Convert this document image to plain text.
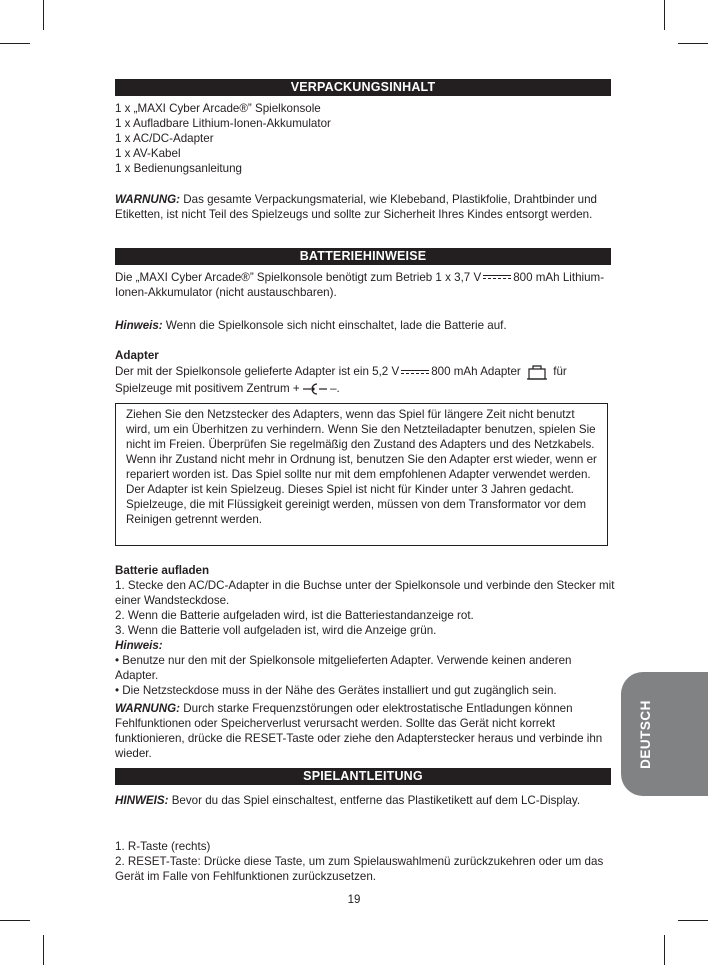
VERPACKUNGSINHALT

1 x „MAXI Cyber Arcade®” Spielkonsole

1 x Aufladbare Lithium-Ionen-Akkumulator

1 x AC/DC-Adapter

1 x AV-Kabel

1 x Bedienungsanleitung

WARNUNG: Das gesamte Verpackungsmaterial, wie Klebeband, Plastikfolie, Drahtbinder und Etiketten, ist nicht Teil des Spielzeugs und sollte zur Sicherheit Ihres Kindes entsorgt werden.

BATTERIEHINWEISE

Die „MAXI Cyber Arcade®” Spielkonsole benötigt zum Betrieb 1 x 3,7 V	800 mAh Lithium-Ionen-Akkumulator (nicht austauschbaren).

Hinweis: Wenn die Spielkonsole sich nicht einschaltet, lade die Batterie auf.

Adapter

Der mit der Spielkonsole gelieferte Adapter ist ein 5,2 V	800 mAh Adapter	für Spielzeuge mit positivem Zentrum +	–.

Ziehen Sie den Netzstecker des Adapters, wenn das Spiel für längere Zeit nicht benutzt wird, um ein Überhitzen zu verhindern. Wenn Sie den Netzteiladapter benutzen, spielen Sie nicht im Freien. Überprüfen Sie regelmäßig den Zustand des Adapters und des Netzkabels. Wenn ihr Zustand nicht mehr in Ordnung ist, benutzen Sie den Adapter erst wieder, wenn er repariert worden ist. Das Spiel sollte nur mit dem empfohlenen Adapter verwendet werden. Der Adapter ist kein Spielzeug. Dieses Spiel ist nicht für Kinder unter 3 Jahren gedacht. Spielzeuge, die mit Flüssigkeit gereinigt werden, müssen von dem Transformator vor dem Reinigen getrennt werden.

Batterie aufladen

1. Stecke den AC/DC-Adapter in die Buchse unter der Spielkonsole und verbinde den Stecker mit einer Wandsteckdose.

2. Wenn die Batterie aufgeladen wird, ist die Batteriestandanzeige rot.

3. Wenn die Batterie voll aufgeladen ist, wird die Anzeige grün.

Hinweis:

• Benutze nur den mit der Spielkonsole mitgelieferten Adapter. Verwende keinen anderen Adapter.

• Die Netzsteckdose muss in der Nähe des Gerätes installiert und gut zugänglich sein.

WARNUNG: Durch starke Frequenzstörungen oder elektrostatische Entladungen können Fehlfunktionen oder Speicherverlust verursacht werden. Sollte das Gerät nicht korrekt funktionieren, drücke die RESET-Taste oder ziehe den Adapterstecker heraus und verbinde ihn wieder.

SPIELANTLEITUNG

HINWEIS: Bevor du das Spiel einschaltest, entferne das Plastiketikett auf dem LC-Display.

1. R-Taste (rechts)

2. RESET-Taste: Drücke diese Taste, um zum Spielauswahlmenü zurückzukehren oder um das Gerät im Falle von Fehlfunktionen zurückzusetzen.

DEUTSCH
19
